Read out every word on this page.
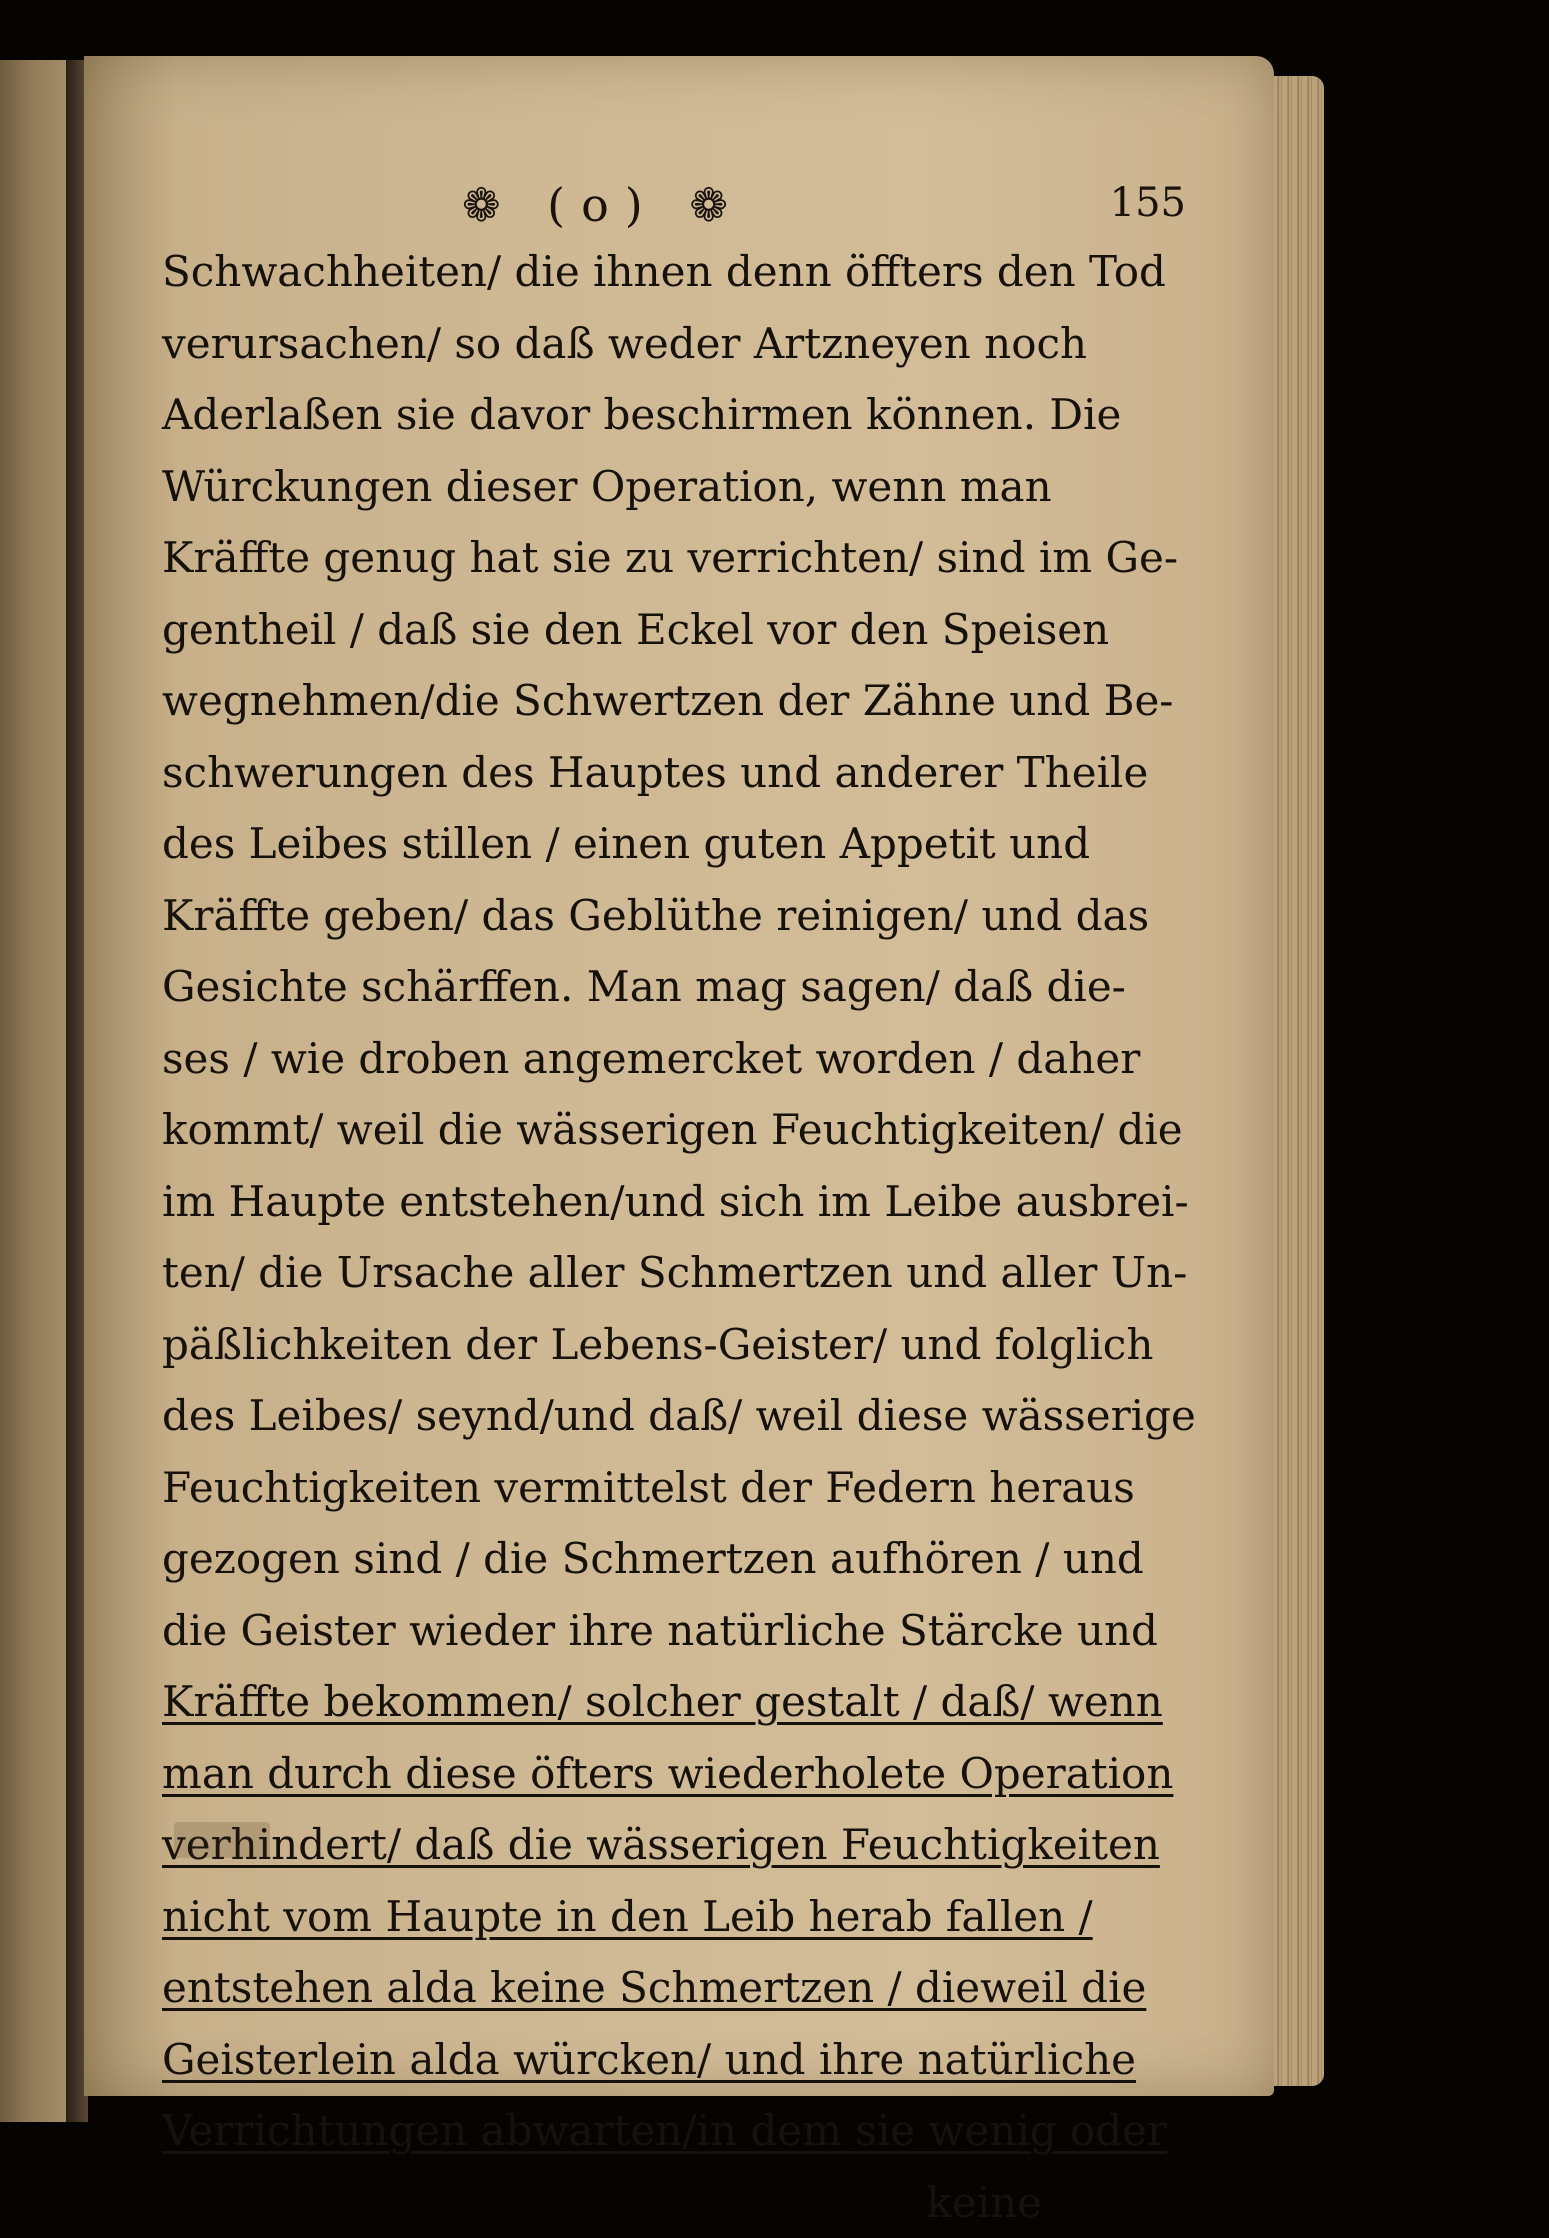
❁ (o) ❁	155
Schwachheiten/ die ihnen denn öffters den Tod
verursachen/ so daß weder Artzneyen noch
Aderlaßen sie davor beschirmen können. Die
Würckungen dieser Operation, wenn man
Kräffte genug hat sie zu verrichten/ sind im Ge-
gentheil / daß sie den Eckel vor den Speisen
wegnehmen/die Schwertzen der Zähne und Be-
schwerungen des Hauptes und anderer Theile
des Leibes stillen / einen guten Appetit und
Kräffte geben/ das Geblüthe reinigen/ und das
Gesichte schärffen. Man mag sagen/ daß die-
ses / wie droben angemercket worden / daher
kommt/ weil die wässerigen Feuchtigkeiten/ die
im Haupte entstehen/und sich im Leibe ausbrei-
ten/ die Ursache aller Schmertzen und aller Un-
päßlichkeiten der Lebens-Geister/ und folglich
des Leibes/ seynd/und daß/ weil diese wässerige
Feuchtigkeiten vermittelst der Federn heraus
gezogen sind / die Schmertzen aufhören / und
die Geister wieder ihre natürliche Stärcke und
Kräffte bekommen/ solcher gestalt / daß/ wenn
man durch diese öfters wiederholete Operation
verhindert/ daß die wässerigen Feuchtigkeiten
nicht vom Haupte in den Leib herab fallen /
entstehen alda keine Schmertzen / dieweil die
Geisterlein alda würcken/ und ihre natürliche
Verrichtungen abwarten/in dem sie wenig oder
keine
